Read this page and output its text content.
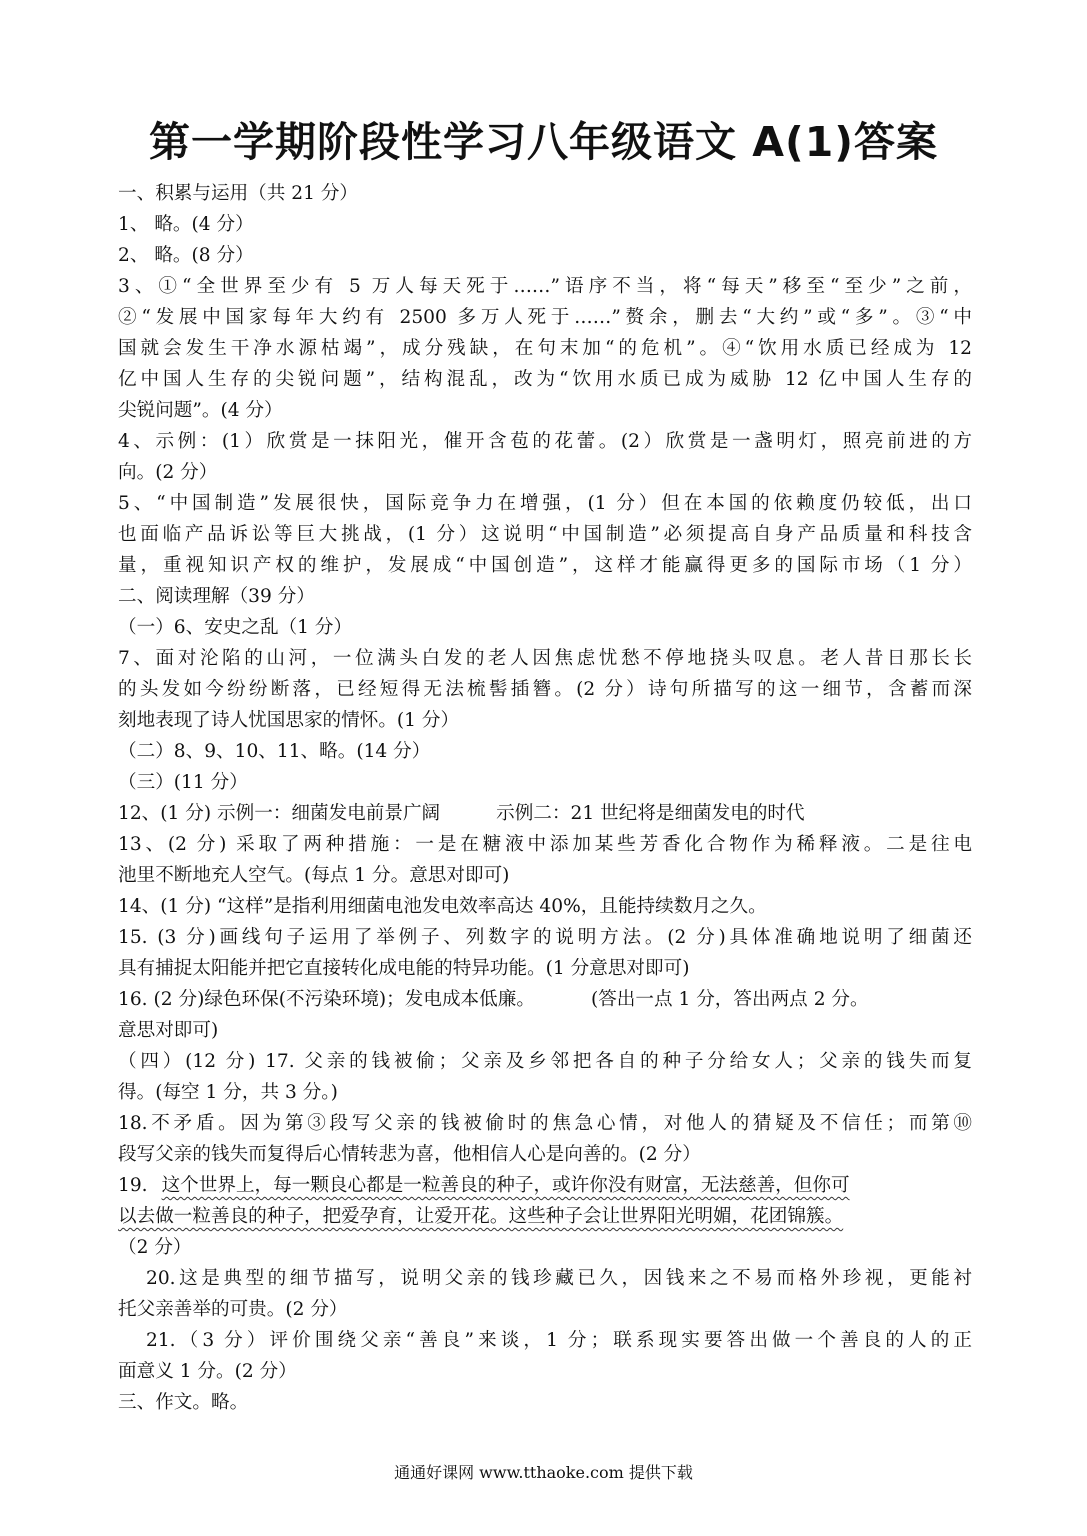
第一学期阶段性学习八年级语文 A(1)答案
一、积累与运用（共 21 分）
1、 略。(4 分）
2、 略。(8 分）
3、①“全世界至少有 5 万人每天死于……”语序不当，将“每天”移至“至少”之前，
②“发展中国家每年大约有 2500 多万人死于……”赘余，删去“大约”或“多”。③“中
国就会发生干净水源枯竭”，成分残缺，在句末加“的危机”。④“饮用水质已经成为 12
亿中国人生存的尖锐问题”，结构混乱，改为“饮用水质已成为威胁 12 亿中国人生存的
尖锐问题”。(4 分）
4、示例：(1）欣赏是一抹阳光，催开含苞的花蕾。(2）欣赏是一盏明灯，照亮前进的方
向。(2 分）
5、“中国制造”发展很快，国际竞争力在增强，(1 分）但在本国的依赖度仍较低，出口
也面临产品诉讼等巨大挑战，(1 分）这说明“中国制造”必须提高自身产品质量和科技含
量，重视知识产权的维护，发展成“中国创造”，这样才能赢得更多的国际市场（1 分）
二、阅读理解（39 分）
（一）6、安史之乱（1 分）
7、面对沦陷的山河，一位满头白发的老人因焦虑忧愁不停地挠头叹息。老人昔日那长长
的头发如今纷纷断落，已经短得无法梳髻插簪。(2 分）诗句所描写的这一细节，含蓄而深
刻地表现了诗人忧国思家的情怀。(1 分）
（二）8、9、10、11、略。(14 分）
（三）(11 分）
12、(1 分) 示例一：细菌发电前景广阔	示例二：21 世纪将是细菌发电的时代
13、(2 分) 采取了两种措施：一是在糖液中添加某些芳香化合物作为稀释液。二是往电
池里不断地充人空气。(每点 1 分。意思对即可)
14、(1 分) “这样”是指利用细菌电池发电效率高达 40%，且能持续数月之久。
15. (3 分)画线句子运用了举例子、列数字的说明方法。(2 分)具体准确地说明了细菌还
具有捕捉太阳能并把它直接转化成电能的特异功能。(1 分意思对即可)
16. (2 分)绿色环保(不污染环境)；发电成本低廉。	(答出一点 1 分，答出两点 2 分。
意思对即可)
（四）(12 分) 17. 父亲的钱被偷；父亲及乡邻把各自的种子分给女人；父亲的钱失而复
得。(每空 1 分，共 3 分。)
18.不矛盾。因为第③段写父亲的钱被偷时的焦急心情，对他人的猜疑及不信任；而第⑩
段写父亲的钱失而复得后心情转悲为喜，他相信人心是向善的。(2 分）
19. 这个世界上，每一颗良心都是一粒善良的种子，或许你没有财富，无法慈善，但你可
以去做一粒善良的种子，把爱孕育，让爱开花。这些种子会让世界阳光明媚，花团锦簇。
（2 分）
20.这是典型的细节描写，说明父亲的钱珍藏已久，因钱来之不易而格外珍视，更能衬
托父亲善举的可贵。(2 分）
21.（3 分）评价围绕父亲“善良”来谈，1 分；联系现实要答出做一个善良的人的正
面意义 1 分。(2 分）
三、作文。略。
通通好课网 www.tthaoke.com 提供下载
